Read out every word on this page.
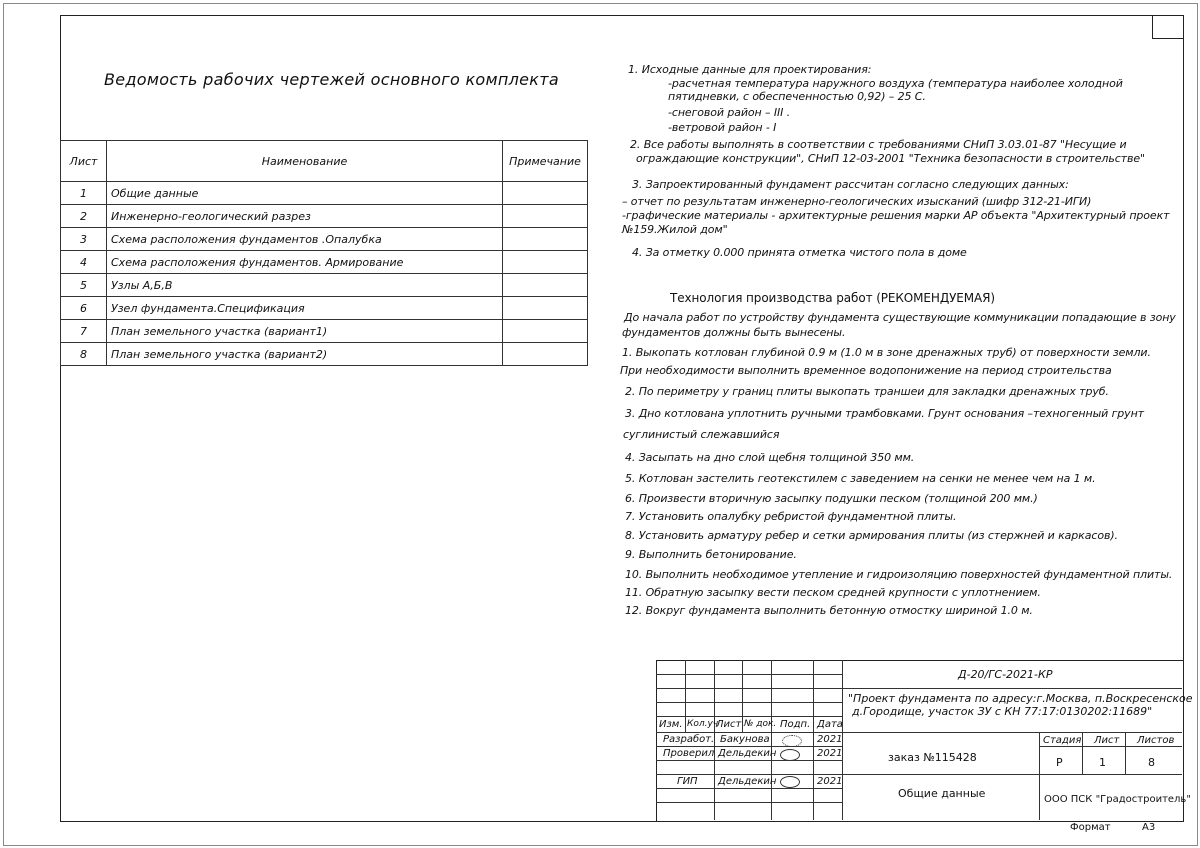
Ведомость рабочих чертежей основного комплекта
Лист	Наименование	Примечание
1	Общие данные	
2	Инженерно-геологический разрез	
3	Схема расположения фундаментов .Опалубка	
4	Схема расположения фундаментов. Армирование	
5	Узлы А,Б,В	
6	Узел фундамента.Спецификация	
7	План земельного участка (вариант1)	
8	План земельного участка (вариант2)	
1. Исходные данные для проектирования:
-расчетная температура наружного воздуха (температура наиболее холодной
пятидневки, с обеспеченностью 0,92) – 25 С.
-снеговой район – III .
-ветровой район - I
2. Все работы выполнять в соответствии с требованиями СНиП 3.03.01-87 "Несущие и
ограждающие конструкции", СНиП 12-03-2001 "Техника безопасности в строительстве"
3. Запроектированный фундамент рассчитан согласно следующих данных:
– отчет по результатам инженерно-геологических изысканий (шифр 312-21-ИГИ)
-графические материалы - архитектурные решения марки АР объекта "Архитектурный проект
№159.Жилой дом"
4. За отметку 0.000 принята отметка чистого пола в доме
Технология производства работ (РЕКОМЕНДУЕМАЯ)
До начала работ по устройству фундамента существующие коммуникации попадающие в зону
фундаментов должны быть вынесены.
1. Выкопать котлован глубиной 0.9 м (1.0 м в зоне дренажных труб) от поверхности земли.
При необходимости выполнить временное водопонижение на период строительства
2. По периметру у границ плиты выкопать траншеи для закладки дренажных труб.
3. Дно котлована уплотнить ручными трамбовками. Грунт основания –техногенный грунт
суглинистый слежавшийся
4. Засыпать на дно слой щебня толщиной 350 мм.
5. Котлован застелить геотекстилем с заведением на сенки не менее чем на 1 м.
6. Произвести вторичную засыпку подушки песком (толщиной 200 мм.)
7. Установить опалубку ребристой фундаментной плиты.
8. Установить арматуру ребер и сетки армирования плиты (из стержней и каркасов).
9. Выполнить бетонирование.
10. Выполнить необходимое утепление и гидроизоляцию поверхностей фундаментной плиты.
11. Обратную засыпку вести песком средней крупности с уплотнением.
12. Вокруг фундамента выполнить бетонную отмостку шириной 1.0 м.
Изм. Кол.уч
Лист № док. Подп. Дата
Разработ. Бакунова	2021
Проверил Дельдекин	2021
ГИП Дельдекин	2021
Д-20/ГС-2021-КР
"Проект фундамента по адресу:г.Москва, п.Воскресенское
д.Городище, участок ЗУ с КН 77:17:0130202:11689"
заказ №115428
Общие данные
Стадия Лист Листов
Р	1	8
ООО ПСК "Градостроитель"
Формат	А3
